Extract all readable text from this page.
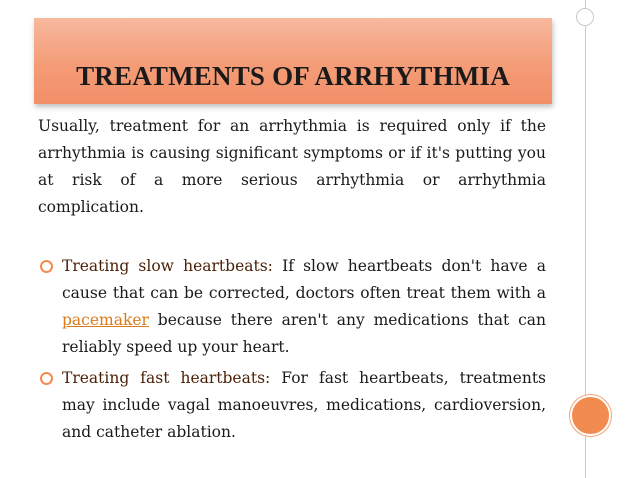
TREATMENTS OF ARRHYTHMIA
Usually, treatment for an arrhythmia is required only if the arrhythmia is causing significant symptoms or if it's putting you at risk of a more serious arrhythmia or arrhythmia complication.
Treating slow heartbeats: If slow heartbeats don't have a cause that can be corrected, doctors often treat them with a pacemaker because there aren't any medications that can reliably speed up your heart.
Treating fast heartbeats: For fast heartbeats, treatments may include vagal manoeuvres, medications, cardioversion, and catheter ablation.
